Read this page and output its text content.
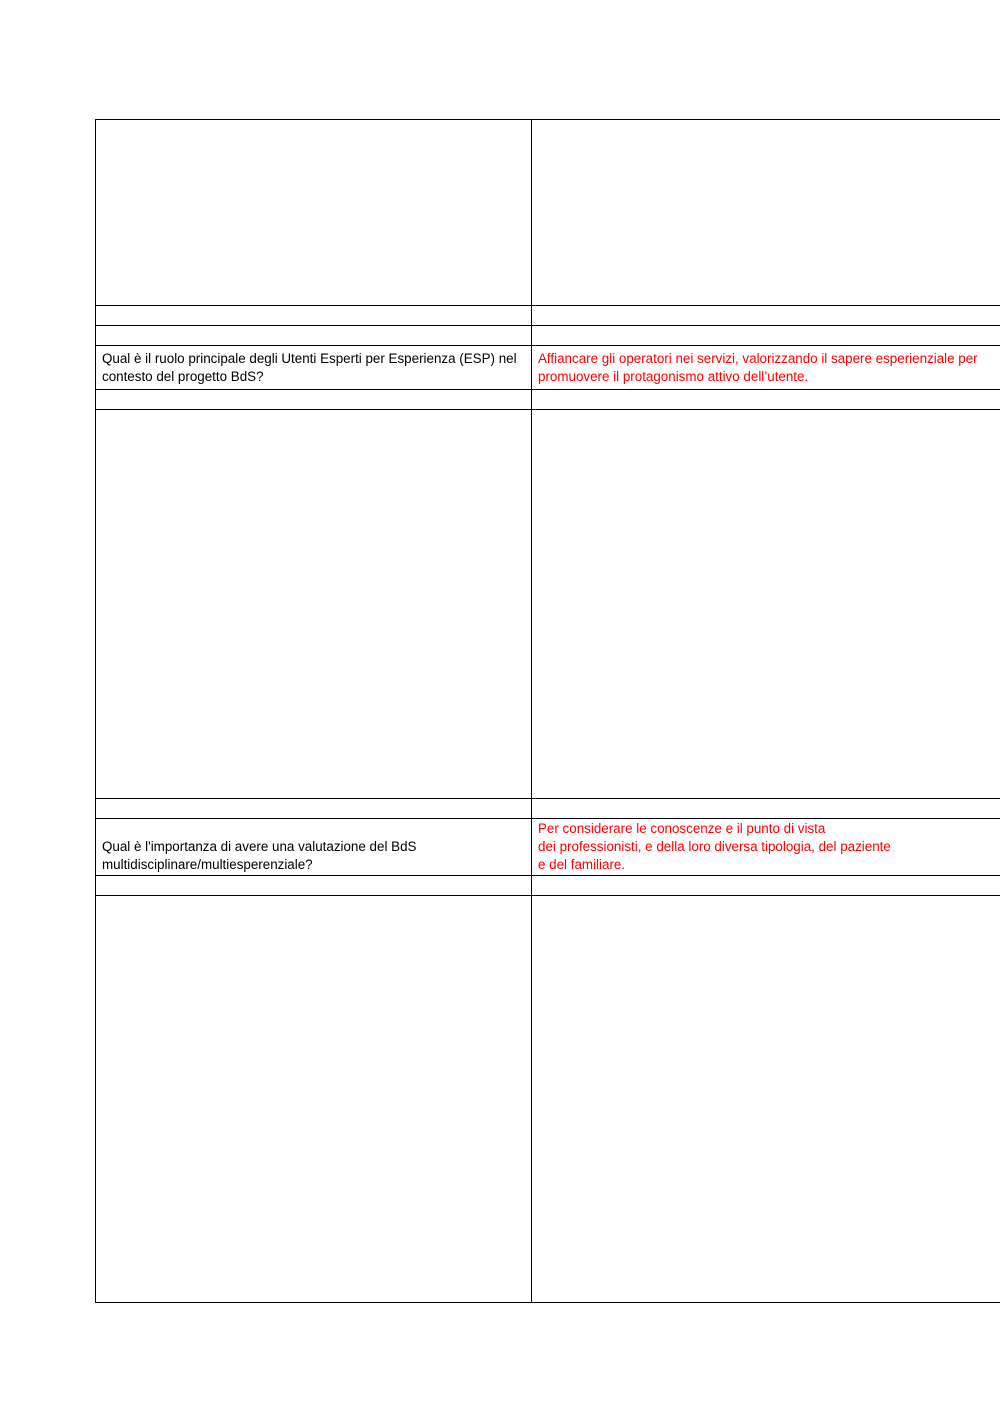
Qual è il ruolo principale degli Utenti Esperti per Esperienza (ESP) nel contesto del progetto BdS?	Affiancare gli operatori nei servizi, valorizzando il sapere esperienziale per promuovere il protagonismo attivo dell’utente.

Qual è l'importanza di avere una valutazione del BdS multidisciplinare/multiesperenziale?	Per considerare le conoscenze e il punto di vista
dei professionisti, e della loro diversa tipologia, del paziente
e del familiare.
